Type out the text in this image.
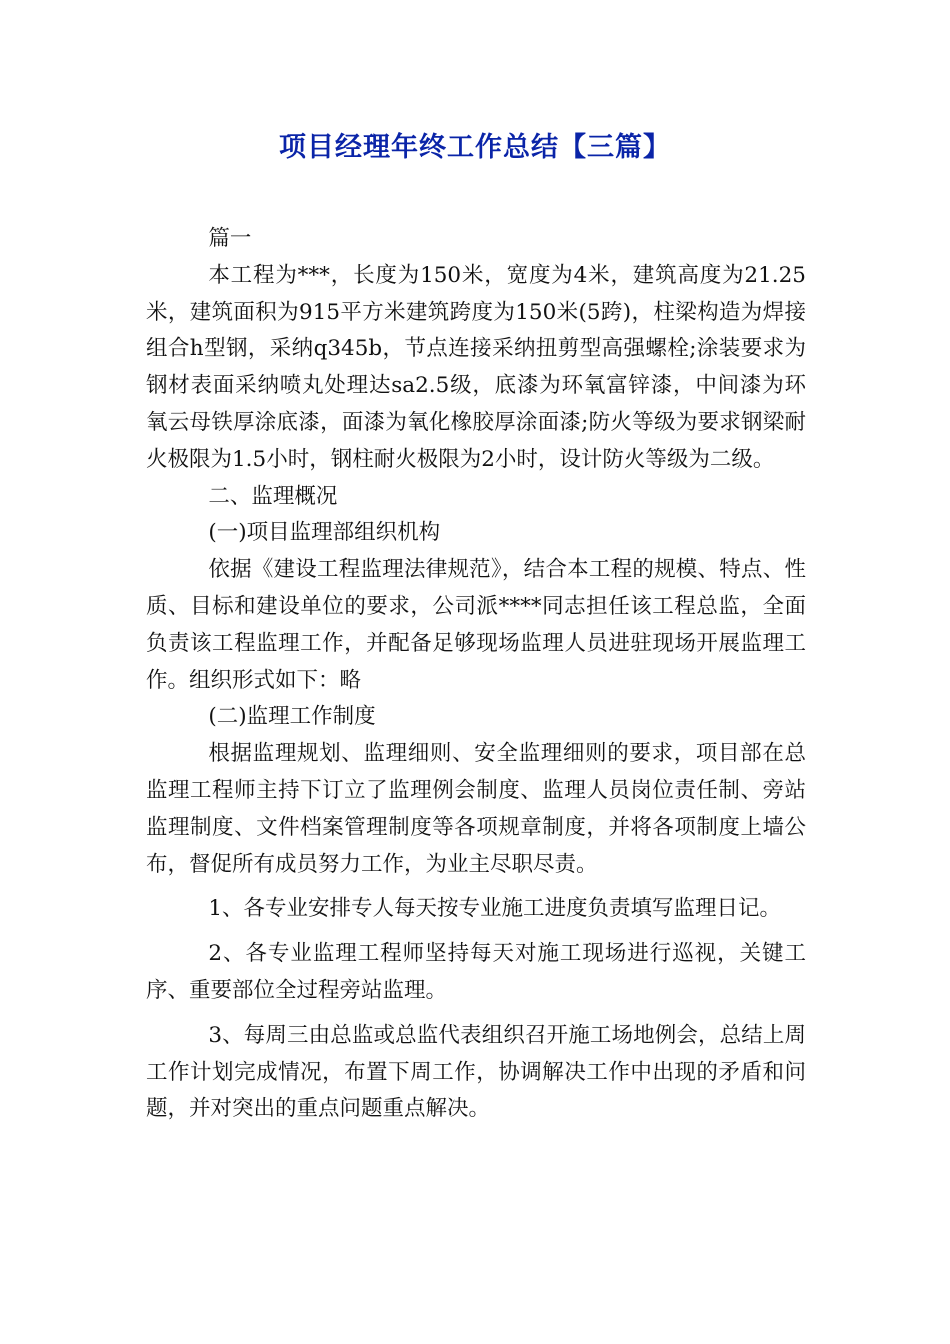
项目经理年终工作总结【三篇】

篇一

本工程为***，长度为150米，宽度为4米，建筑高度为21.25米，建筑面积为915平方米建筑跨度为150米(5跨)，柱梁构造为焊接组合h型钢，采纳q345b，节点连接采纳扭剪型高强螺栓;涂装要求为钢材表面采纳喷丸处理达sa2.5级，底漆为环氧富锌漆，中间漆为环氧云母铁厚涂底漆，面漆为氧化橡胶厚涂面漆;防火等级为要求钢梁耐火极限为1.5小时，钢柱耐火极限为2小时，设计防火等级为二级。

二、监理概况

(一)项目监理部组织机构

依据《建设工程监理法律规范》，结合本工程的规模、特点、性质、目标和建设单位的要求，公司派****同志担任该工程总监，全面负责该工程监理工作，并配备足够现场监理人员进驻现场开展监理工作。组织形式如下：略

(二)监理工作制度

根据监理规划、监理细则、安全监理细则的要求，项目部在总监理工程师主持下订立了监理例会制度、监理人员岗位责任制、旁站监理制度、文件档案管理制度等各项规章制度，并将各项制度上墙公布，督促所有成员努力工作，为业主尽职尽责。

1、各专业安排专人每天按专业施工进度负责填写监理日记。

2、各专业监理工程师坚持每天对施工现场进行巡视，关键工序、重要部位全过程旁站监理。

3、每周三由总监或总监代表组织召开施工场地例会，总结上周工作计划完成情况，布置下周工作，协调解决工作中出现的矛盾和问题，并对突出的重点问题重点解决。
